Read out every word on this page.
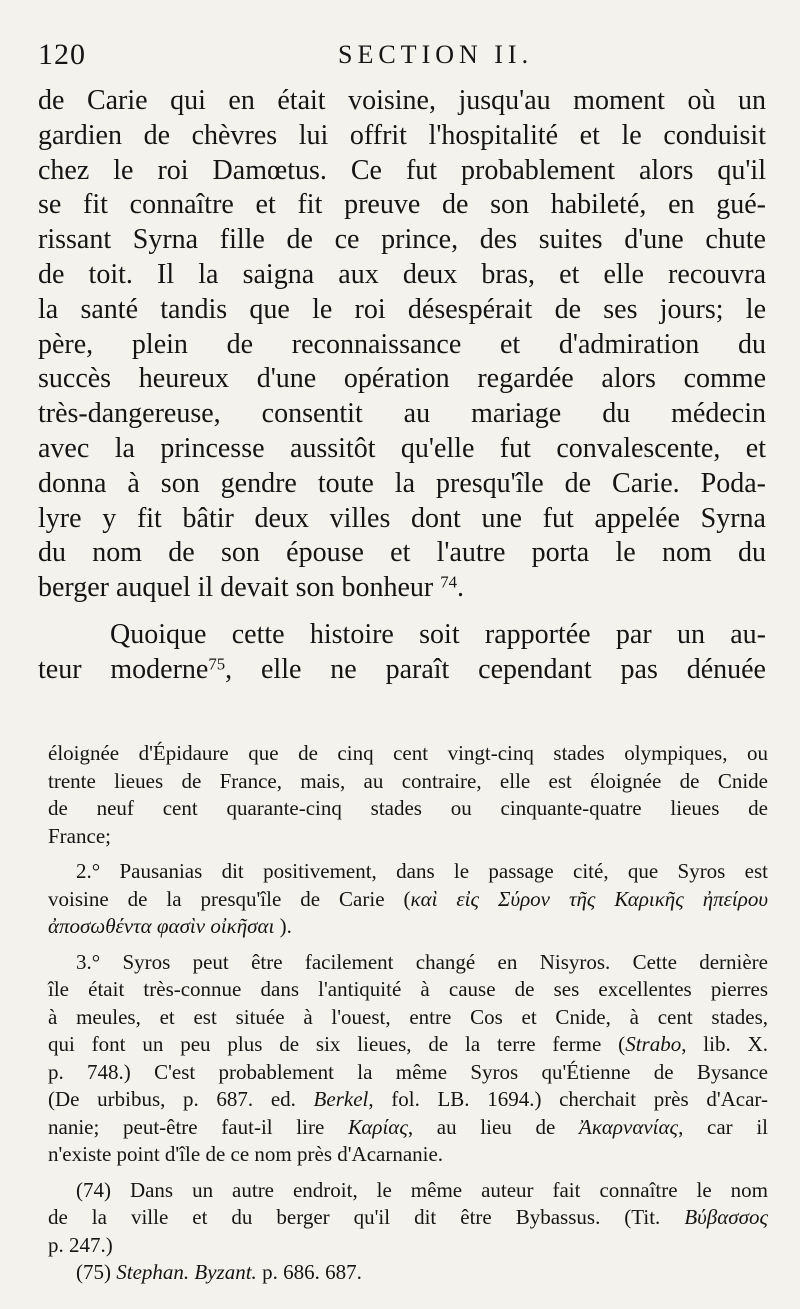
120	SECTION II.
de Carie qui en était voisine, jusqu'au moment où un
gardien de chèvres lui offrit l'hospitalité et le conduisit
chez le roi Damœtus. Ce fut probablement alors qu'il
se fit connaître et fit preuve de son habileté, en gué-
rissant Syrna fille de ce prince, des suites d'une chute
de toit. Il la saigna aux deux bras, et elle recouvra
la santé tandis que le roi désespérait de ses jours; le
père, plein de reconnaissance et d'admiration du
succès heureux d'une opération regardée alors comme
très-dangereuse, consentit au mariage du médecin
avec la princesse aussitôt qu'elle fut convalescente, et
donna à son gendre toute la presqu'île de Carie. Poda-
lyre y fit bâtir deux villes dont une fut appelée Syrna
du nom de son épouse et l'autre porta le nom du
berger auquel il devait son bonheur $^{74}$.
Quoique cette histoire soit rapportée par un au-
teur moderne$^{75}$, elle ne paraît cependant pas dénuée
éloignée d'Épidaure que de cinq cent vingt-cinq stades olympiques, ou
trente lieues de France, mais, au contraire, elle est éloignée de Cnide
de neuf cent quarante-cinq stades ou cinquante-quatre lieues de
France;
2.° Pausanias dit positivement, dans le passage cité, que Syros est
voisine de la presqu'île de Carie (καὶ εἰς Σύρον τῆς Καρικῆς ἠπείρου
ἀποσωθέντα φασὶν οἰκῆσαι ).
3.° Syros peut être facilement changé en Nisyros. Cette dernière
île était très-connue dans l'antiquité à cause de ses excellentes pierres
à meules, et est située à l'ouest, entre Cos et Cnide, à cent stades,
qui font un peu plus de six lieues, de la terre ferme (Strabo, lib. X.
p. 748.) C'est probablement la même Syros qu'Étienne de Bysance
(De urbibus, p. 687. ed. Berkel, fol. LB. 1694.) cherchait près d'Acar-
nanie; peut-être faut-il lire Καρίας, au lieu de Ἀκαρνανίας, car il
n'existe point d'île de ce nom près d'Acarnanie.
(74) Dans un autre endroit, le même auteur fait connaître le nom
de la ville et du berger qu'il dit être Bybassus. (Tit. Βύβασσος
p. 247.)
(75) Stephan. Byzant. p. 686. 687.
